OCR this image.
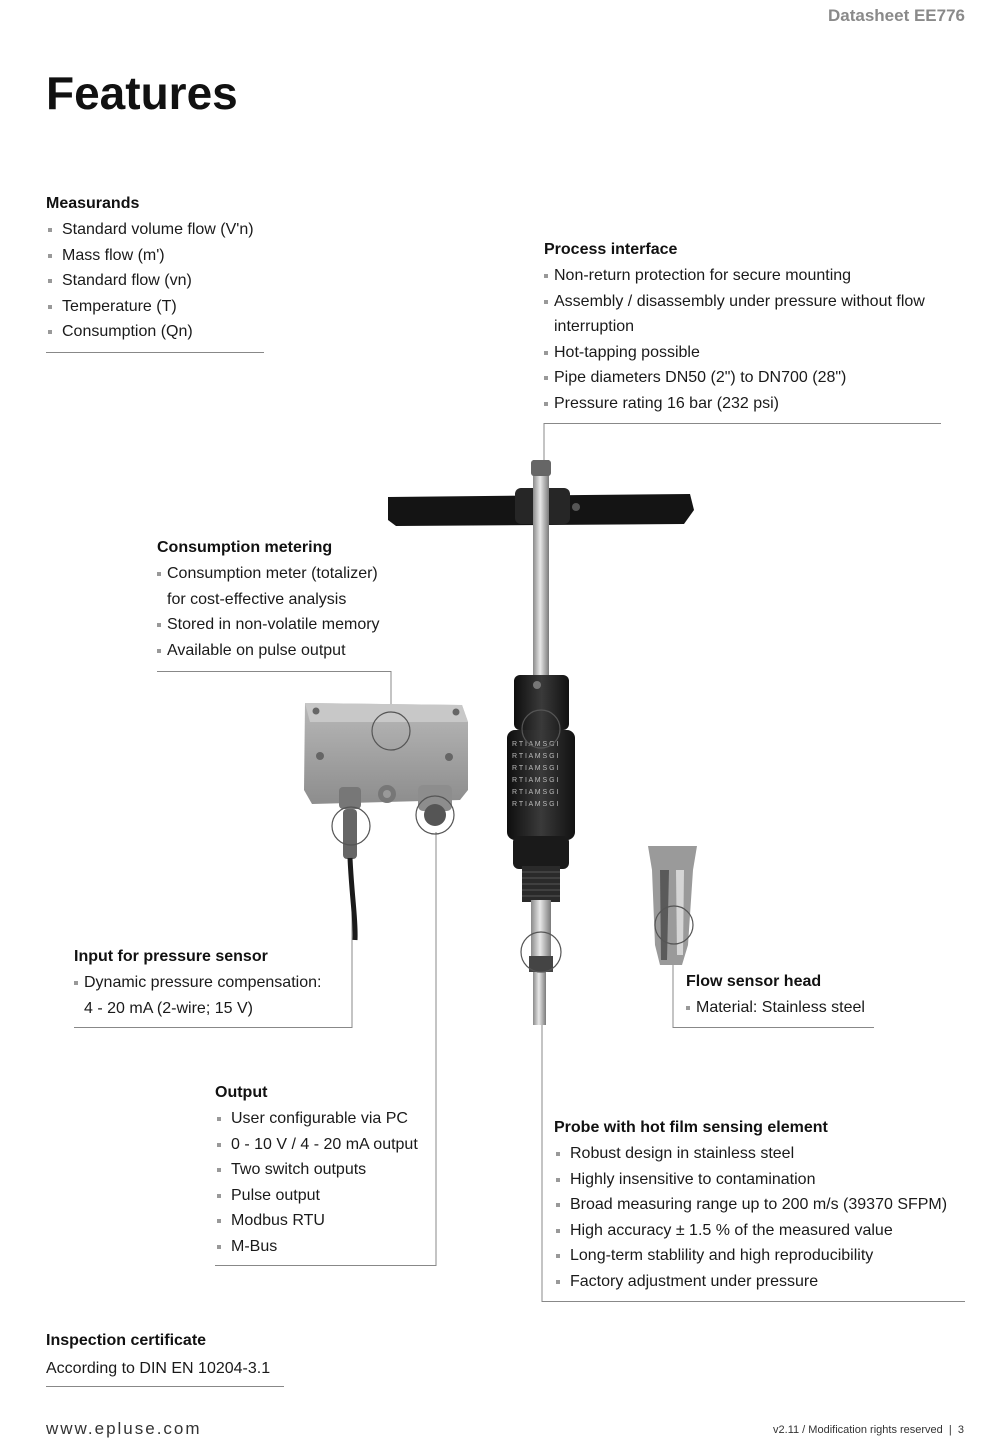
R T I A M S G I
R T I A M S G I
R T I A M S G I
R T I A M S G I
R T I A M S G I
R T I A M S G I
Datasheet EE776
Features
Measurands
Standard volume flow (V'n)
Mass flow (m')
Standard flow (vn)
Temperature (T)
Consumption (Qn)
Process interface
Non-return protection for secure mounting
Assembly / disassembly under pressure without flow
interruption
Hot-tapping possible
Pipe diameters DN50 (2") to DN700 (28")
Pressure rating 16 bar (232 psi)
Consumption metering
Consumption meter (totalizer)
for cost-effective analysis
Stored in non-volatile memory
Available on pulse output
Input for pressure sensor
Dynamic pressure compensation:
4 - 20 mA (2-wire; 15 V)
Flow sensor head
Material: Stainless steel
Output
User configurable via PC
0 - 10 V / 4 - 20 mA output
Two switch outputs
Pulse output
Modbus RTU
M-Bus
Probe with hot film sensing element
Robust design in stainless steel
Highly insensitive to contamination
Broad measuring range up to 200 m/s (39370 SFPM)
High accuracy ± 1.5 % of the measured value
Long-term stablility and high reproducibility
Factory adjustment under pressure
Inspection certificate
According to DIN EN 10204-3.1
www.epluse.com	v2.11 / Modification rights reserved  |  3
